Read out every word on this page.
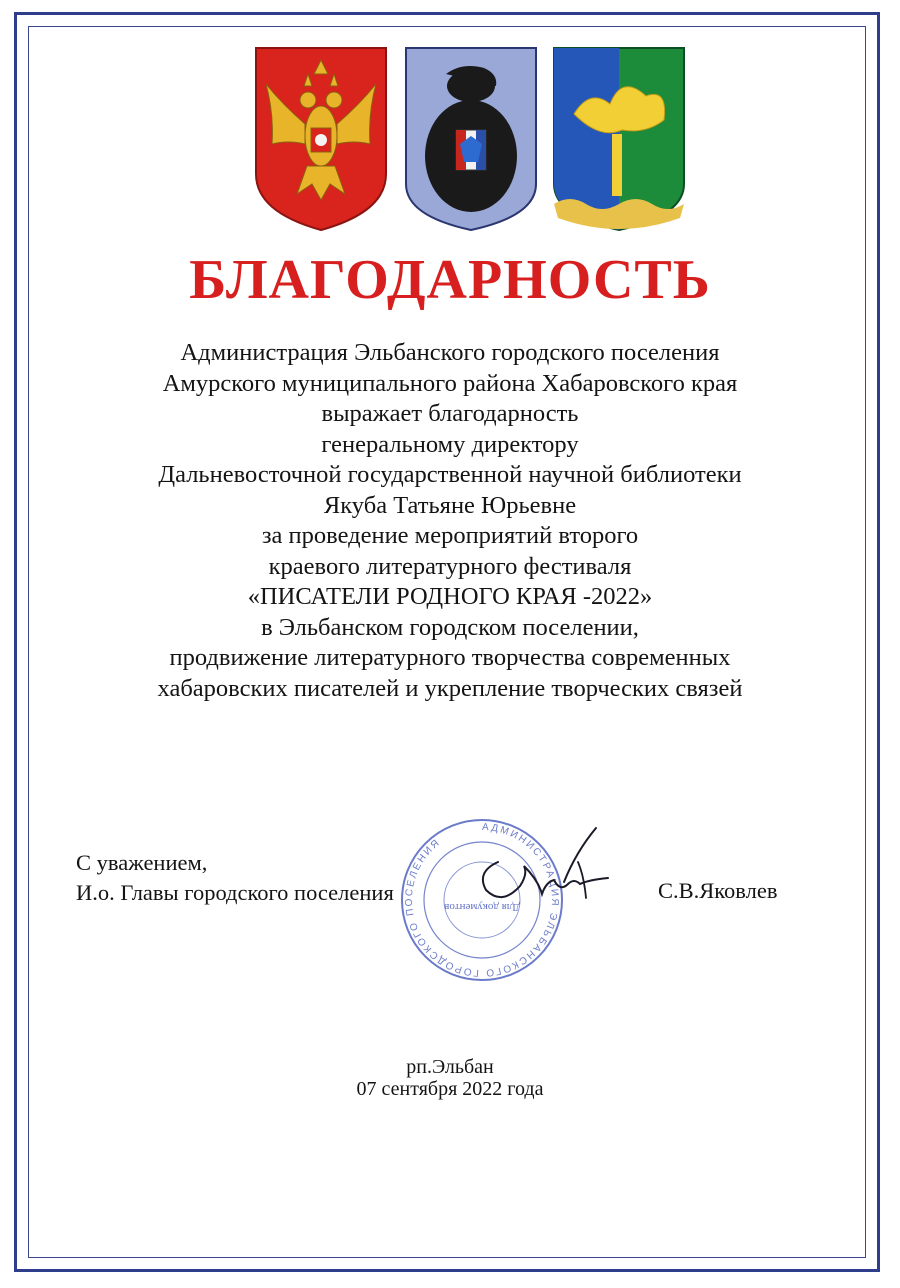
БЛАГОДАРНОСТЬ
Администрация Эльбанского городского поселения
Амурского муниципального района Хабаровского края
выражает благодарность
генеральному директору
Дальневосточной государственной научной библиотеки
Якуба Татьяне Юрьевне
за проведение мероприятий второго
краевого литературного фестиваля
«ПИСАТЕЛИ РОДНОГО КРАЯ -2022»
в Эльбанском городском поселении,
продвижение литературного творчества современных
хабаровских писателей и укрепление творческих связей
С уважением,
И.о. Главы городского поселения
Для документов
АДМИНИСТРАЦИЯ ЭЛЬБАНСКОГО ГОРОДСКОГО ПОСЕЛЕНИЯ
С.В.Яковлев
рп.Эльбан
07 сентября 2022 года
